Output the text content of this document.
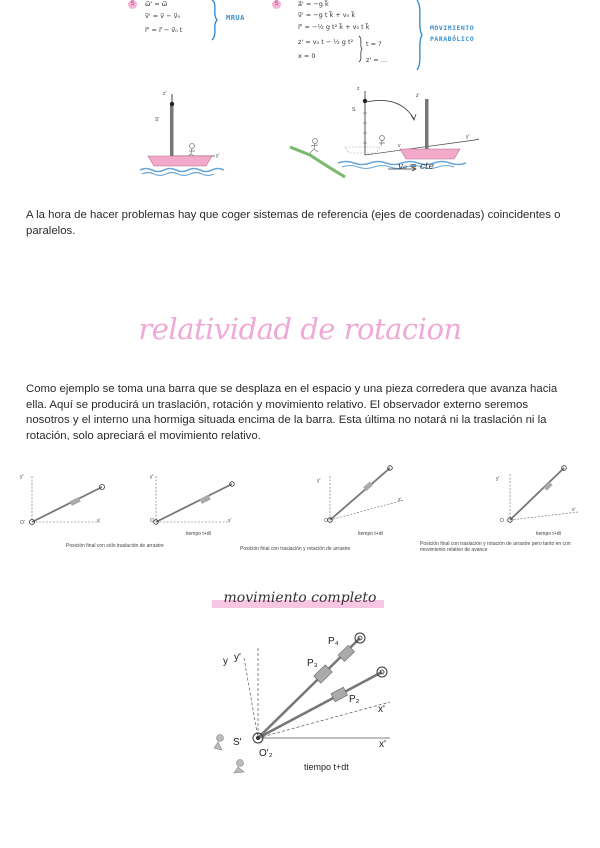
S	ω⃗' = ω⃗
v⃗' = v⃗ − v⃗₀
r⃗' = r⃗ − v⃗₀ t
MRUA
S	a⃗' = −g k⃗
v⃗' = −g t k⃗ + v₀ k⃗
r⃗' = −½ g t² k⃗ + v₀ t k⃗
z' = v₀ t − ½ g t²
x = 0
t = ?
z' = …
MOVIMIENTO
PARABÓLICO
z'
S'
y'
z
S
z'
y'
v
v₀ = cte
A la hora de hacer problemas hay que coger sistemas de referencia (ejes de coordenadas) coincidentes o paralelos.
relatividad de rotacion
Como ejemplo se toma una barra que se desplaza en el espacio y una pieza corredera que avanza hacia ella. Aquí se producirá un traslación, rotación y movimiento relativo. El observador externo seremos nosotros y el interno una hormiga situada encima de la barra. Esta última no notará ni la traslación ni la rotación, solo apreciará el movimiento relativo.
y'
x'
O'
Posición final con sólo traslación de arrastre
y'
x'
O
tiempo t+dt
Posición final con traslación y rotación de arrastre
y'
x'
O
tiempo t+dt
y'
x'
O
tiempo t+dt
Posición final con traslación y rotación de arrastre pero tanto en con movimiento relativo de avance
movimiento completo
y y'
P₄
P₃
P₂
x'
x'
S'
O'₂
tiempo t+dt
